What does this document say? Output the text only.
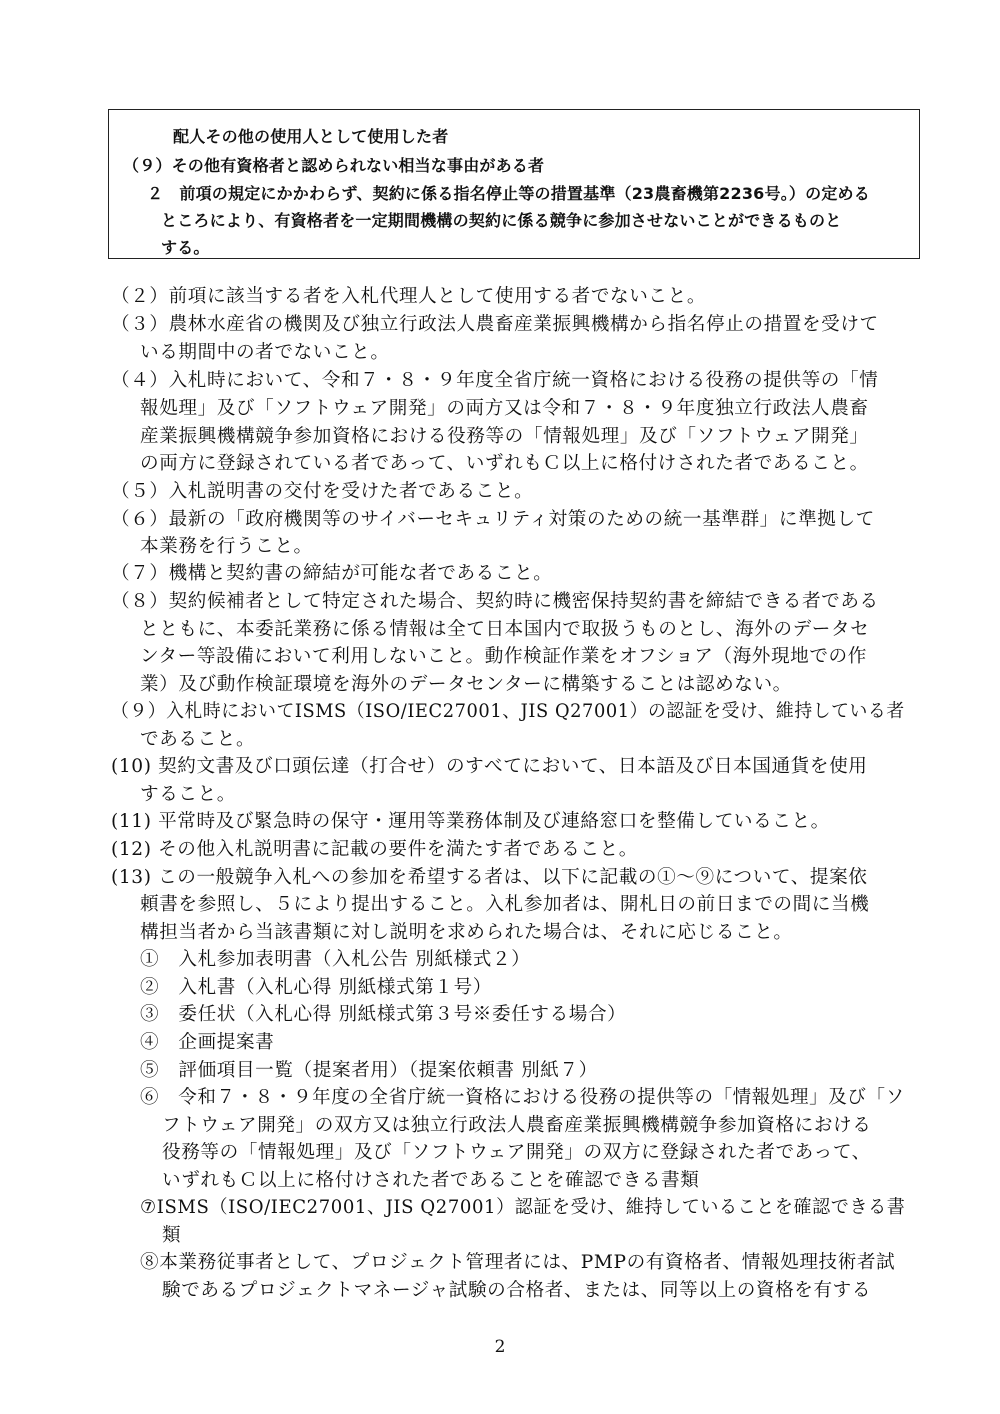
配人その他の使用人として使用した者
（９）その他有資格者と認められない相当な事由がある者
２　前項の規定にかかわらず、契約に係る指名停止等の措置基準（23農畜機第2236号。）の定める
ところにより、有資格者を一定期間機構の契約に係る競争に参加させないことができるものと
する。
（２）前項に該当する者を入札代理人として使用する者でないこと。
（３）農林水産省の機関及び独立行政法人農畜産業振興機構から指名停止の措置を受けて
いる期間中の者でないこと。
（４）入札時において、令和７・８・９年度全省庁統一資格における役務の提供等の「情
報処理」及び「ソフトウェア開発」の両方又は令和７・８・９年度独立行政法人農畜
産業振興機構競争参加資格における役務等の「情報処理」及び「ソフトウェア開発」
の両方に登録されている者であって、いずれもＣ以上に格付けされた者であること。
（５）入札説明書の交付を受けた者であること。
（６）最新の「政府機関等のサイバーセキュリティ対策のための統一基準群」に準拠して
本業務を行うこと。
（７）機構と契約書の締結が可能な者であること。
（８）契約候補者として特定された場合、契約時に機密保持契約書を締結できる者である
とともに、本委託業務に係る情報は全て日本国内で取扱うものとし、海外のデータセ
ンター等設備において利用しないこと。動作検証作業をオフショア（海外現地での作
業）及び動作検証環境を海外のデータセンターに構築することは認めない。
（９）入札時においてISMS（ISO/IEC27001、JIS Q27001）の認証を受け、維持している者
であること。
(10) 契約文書及び口頭伝達（打合せ）のすべてにおいて、日本語及び日本国通貨を使用
すること。
(11) 平常時及び緊急時の保守・運用等業務体制及び連絡窓口を整備していること。
(12) その他入札説明書に記載の要件を満たす者であること。
(13) この一般競争入札への参加を希望する者は、以下に記載の①～⑨について、提案依
頼書を参照し、５により提出すること。入札参加者は、開札日の前日までの間に当機
構担当者から当該書類に対し説明を求められた場合は、それに応じること。
①　入札参加表明書（入札公告 別紙様式２）
②　入札書（入札心得 別紙様式第１号）
③　委任状（入札心得 別紙様式第３号※委任する場合）
④　企画提案書
⑤　評価項目一覧（提案者用）（提案依頼書 別紙７）
⑥　令和７・８・９年度の全省庁統一資格における役務の提供等の「情報処理」及び「ソ
フトウェア開発」の双方又は独立行政法人農畜産業振興機構競争参加資格における
役務等の「情報処理」及び「ソフトウェア開発」の双方に登録された者であって、
いずれもＣ以上に格付けされた者であることを確認できる書類
⑦ISMS（ISO/IEC27001、JIS Q27001）認証を受け、維持していることを確認できる書
類
⑧本業務従事者として、プロジェクト管理者には、PMPの有資格者、情報処理技術者試
験であるプロジェクトマネージャ試験の合格者、または、同等以上の資格を有する
2
